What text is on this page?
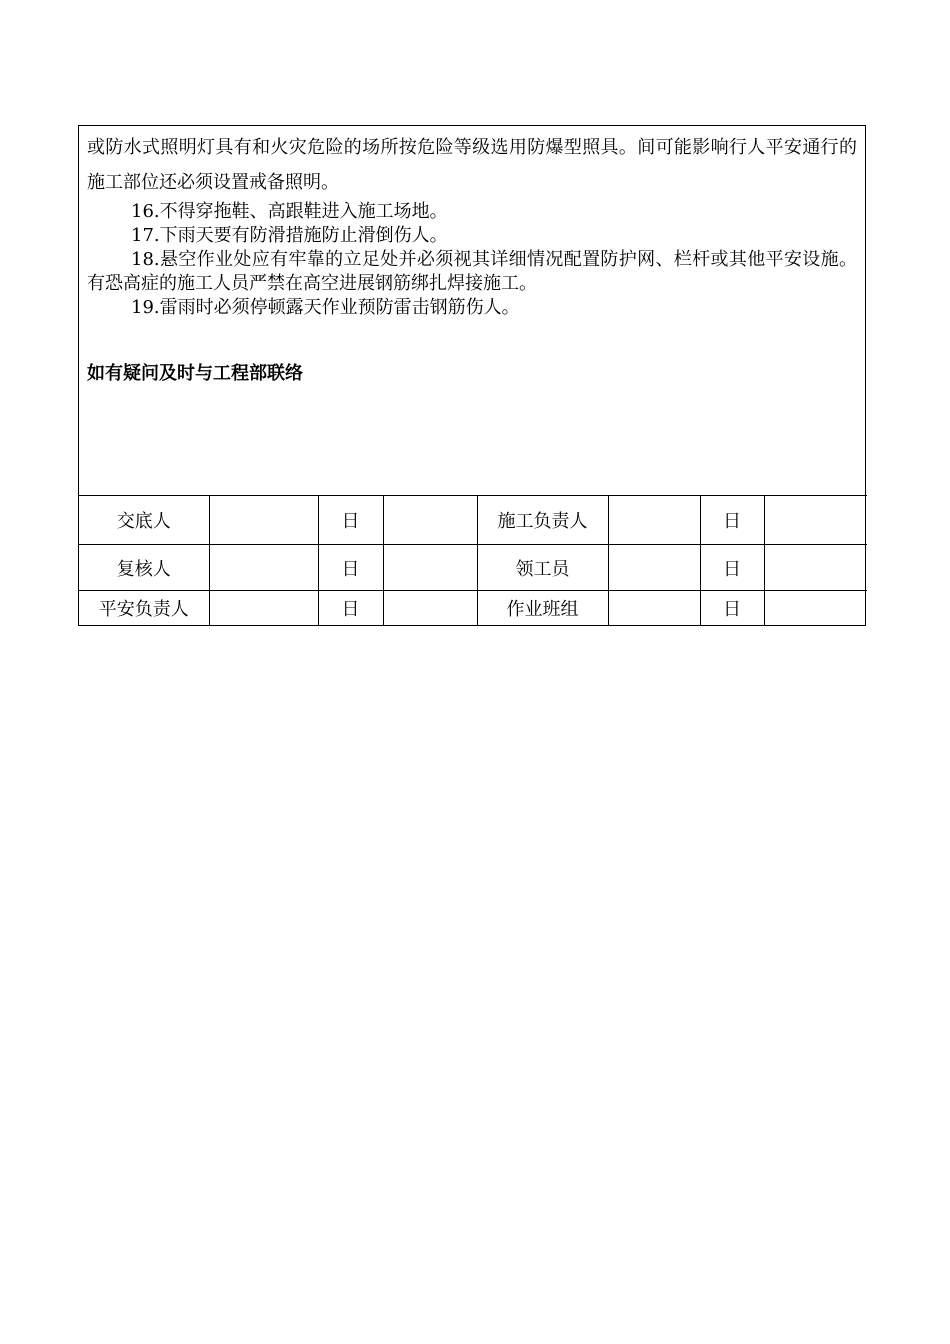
或防水式照明灯具有和火灾危险的场所按危险等级选用防爆型照具。间可能影响行人平安通行的施工部位还必须设置戒备照明。

16.不得穿拖鞋、高跟鞋进入施工场地。

17.下雨天要有防滑措施防止滑倒伤人。

18.悬空作业处应有牢靠的立足处并必须视其详细情况配置防护网、栏杆或其他平安设施。有恐高症的施工人员严禁在高空进展钢筋绑扎焊接施工。

19.雷雨时必须停顿露天作业预防雷击钢筋伤人。

如有疑问及时与工程部联络

交底人		日		施工负责人		日	
复核人		日		领工员		日	
平安负责人		日		作业班组		日	
